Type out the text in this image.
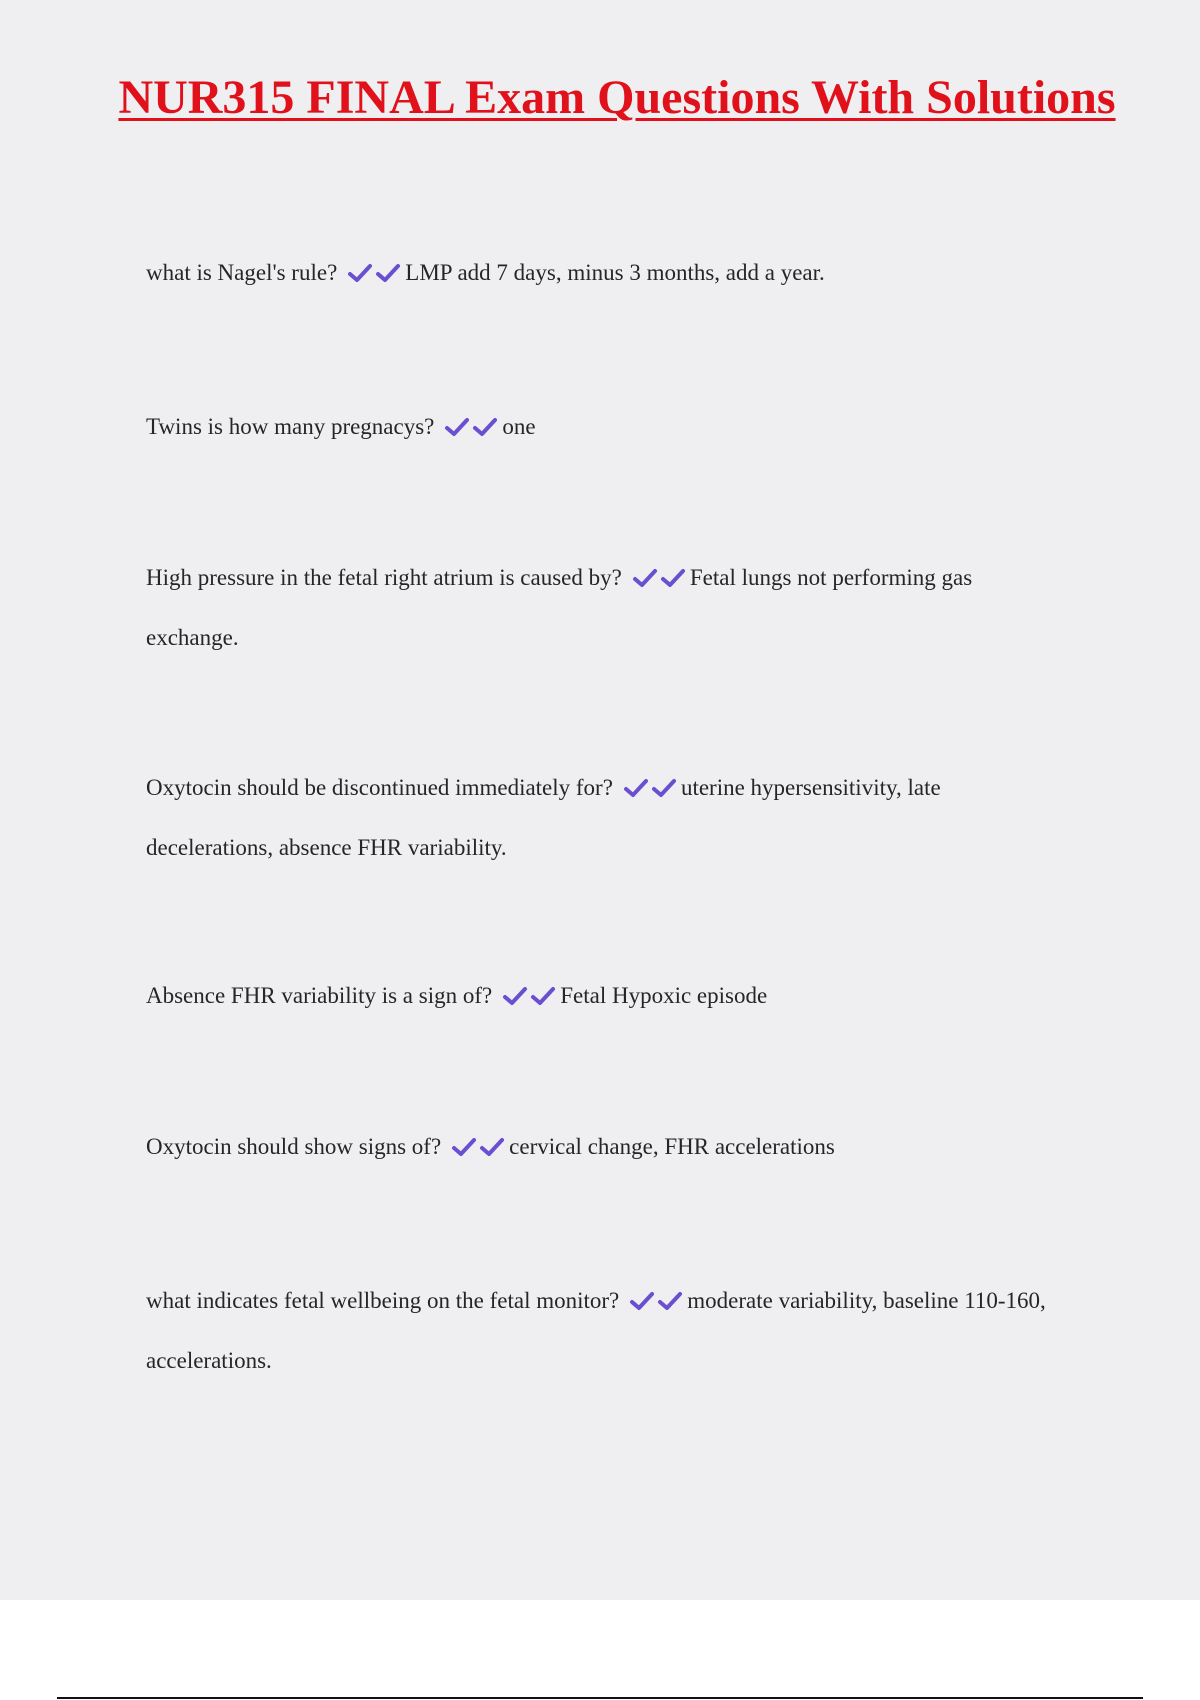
NUR315 FINAL Exam Questions With Solutions

what is Nagel's rule?	LMP add 7 days, minus 3 months, add a year.

Twins is how many pregnacys?	one

High pressure in the fetal right atrium is caused by?	Fetal lungs not performing gas exchange.

Oxytocin should be discontinued immediately for?	uterine hypersensitivity, late decelerations, absence FHR variability.

Absence FHR variability is a sign of?	Fetal Hypoxic episode

Oxytocin should show signs of?	cervical change, FHR accelerations

what indicates fetal wellbeing on the fetal monitor?	moderate variability, baseline 110-160, accelerations.
